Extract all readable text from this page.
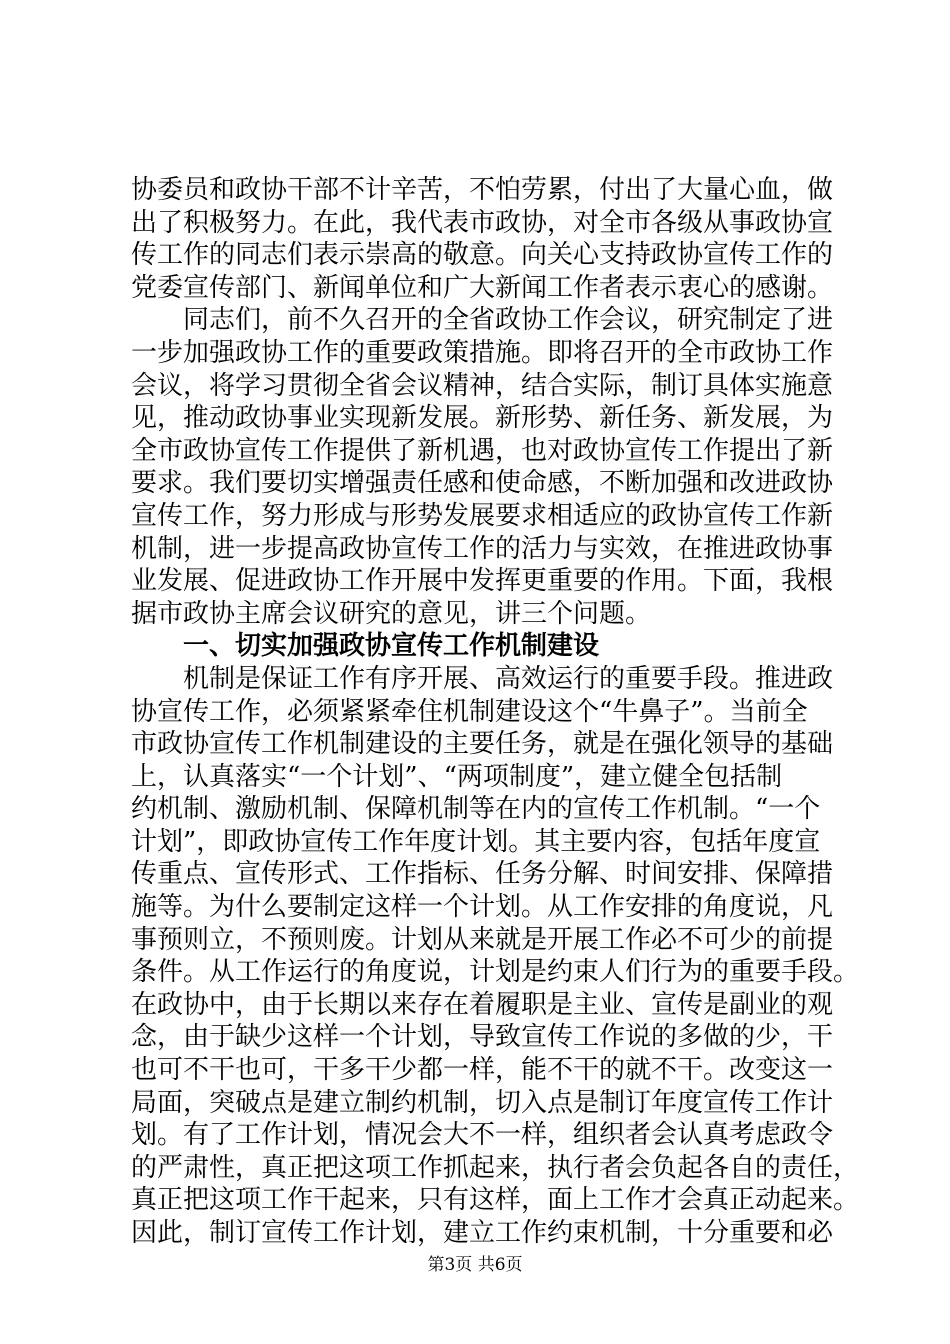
协委员和政协干部不计辛苦，不怕劳累，付出了大量心血，做
出了积极努力。在此，我代表市政协，对全市各级从事政协宣
传工作的同志们表示崇高的敬意。向关心支持政协宣传工作的
党委宣传部门、新闻单位和广大新闻工作者表示衷心的感谢。
　　同志们，前不久召开的全省政协工作会议，研究制定了进
一步加强政协工作的重要政策措施。即将召开的全市政协工作
会议，将学习贯彻全省会议精神，结合实际，制订具体实施意
见，推动政协事业实现新发展。新形势、新任务、新发展，为
全市政协宣传工作提供了新机遇，也对政协宣传工作提出了新
要求。我们要切实增强责任感和使命感，不断加强和改进政协
宣传工作，努力形成与形势发展要求相适应的政协宣传工作新
机制，进一步提高政协宣传工作的活力与实效，在推进政协事
业发展、促进政协工作开展中发挥更重要的作用。下面，我根
据市政协主席会议研究的意见，讲三个问题。
　　一、切实加强政协宣传工作机制建设
　　机制是保证工作有序开展、高效运行的重要手段。推进政
协宣传工作，必须紧紧牵住机制建设这个“牛鼻子”。当前全
市政协宣传工作机制建设的主要任务，就是在强化领导的基础
上，认真落实“一个计划”、“两项制度”，建立健全包括制
约机制、激励机制、保障机制等在内的宣传工作机制。“一个
计划”，即政协宣传工作年度计划。其主要内容，包括年度宣
传重点、宣传形式、工作指标、任务分解、时间安排、保障措
施等。为什么要制定这样一个计划。从工作安排的角度说，凡
事预则立，不预则废。计划从来就是开展工作必不可少的前提
条件。从工作运行的角度说，计划是约束人们行为的重要手段。
在政协中，由于长期以来存在着履职是主业、宣传是副业的观
念，由于缺少这样一个计划，导致宣传工作说的多做的少，干
也可不干也可，干多干少都一样，能不干的就不干。改变这一
局面，突破点是建立制约机制，切入点是制订年度宣传工作计
划。有了工作计划，情况会大不一样，组织者会认真考虑政令
的严肃性，真正把这项工作抓起来，执行者会负起各自的责任，
真正把这项工作干起来，只有这样，面上工作才会真正动起来。
因此，制订宣传工作计划，建立工作约束机制，十分重要和必
第3页 共6页
